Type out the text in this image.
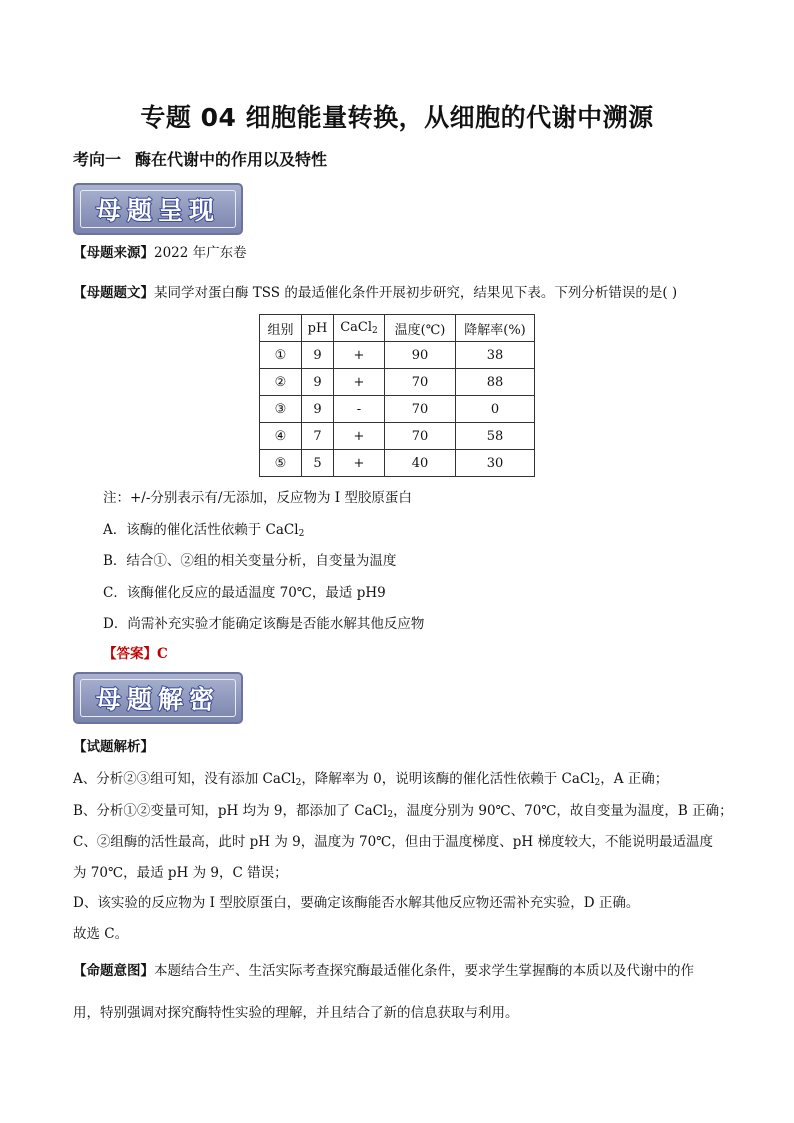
专题 04 细胞能量转换，从细胞的代谢中溯源
考向一 酶在代谢中的作用以及特性
母题呈现
【母题来源】2022 年广东卷
【母题题文】某同学对蛋白酶 TSS 的最适催化条件开展初步研究，结果见下表。下列分析错误的是( )
组别	pH	CaCl$_2$	温度(℃)	降解率(%)
①	9	+	90	38
②	9	+	70	88
③	9	-	70	0
④	7	+	70	58
⑤	5	+	40	30
注：+/-分别表示有/无添加，反应物为 I 型胶原蛋白
A．该酶的催化活性依赖于 CaCl$_2$
B．结合①、②组的相关变量分析，自变量为温度
C．该酶催化反应的最适温度 70℃，最适 pH9
D．尚需补充实验才能确定该酶是否能水解其他反应物
【答案】C
母题解密
【试题解析】
A、分析②③组可知，没有添加 CaCl$_2$，降解率为 0，说明该酶的催化活性依赖于 CaCl$_2$，A 正确；
B、分析①②变量可知，pH 均为 9，都添加了 CaCl$_2$，温度分别为 90℃、70℃，故自变量为温度，B 正确；
C、②组酶的活性最高，此时 pH 为 9，温度为 70℃，但由于温度梯度、pH 梯度较大，不能说明最适温度
为 70℃，最适 pH 为 9，C 错误；
D、该实验的反应物为 I 型胶原蛋白，要确定该酶能否水解其他反应物还需补充实验，D 正确。
故选 C。
【命题意图】本题结合生产、生活实际考查探究酶最适催化条件，要求学生掌握酶的本质以及代谢中的作
用，特别强调对探究酶特性实验的理解，并且结合了新的信息获取与利用。
